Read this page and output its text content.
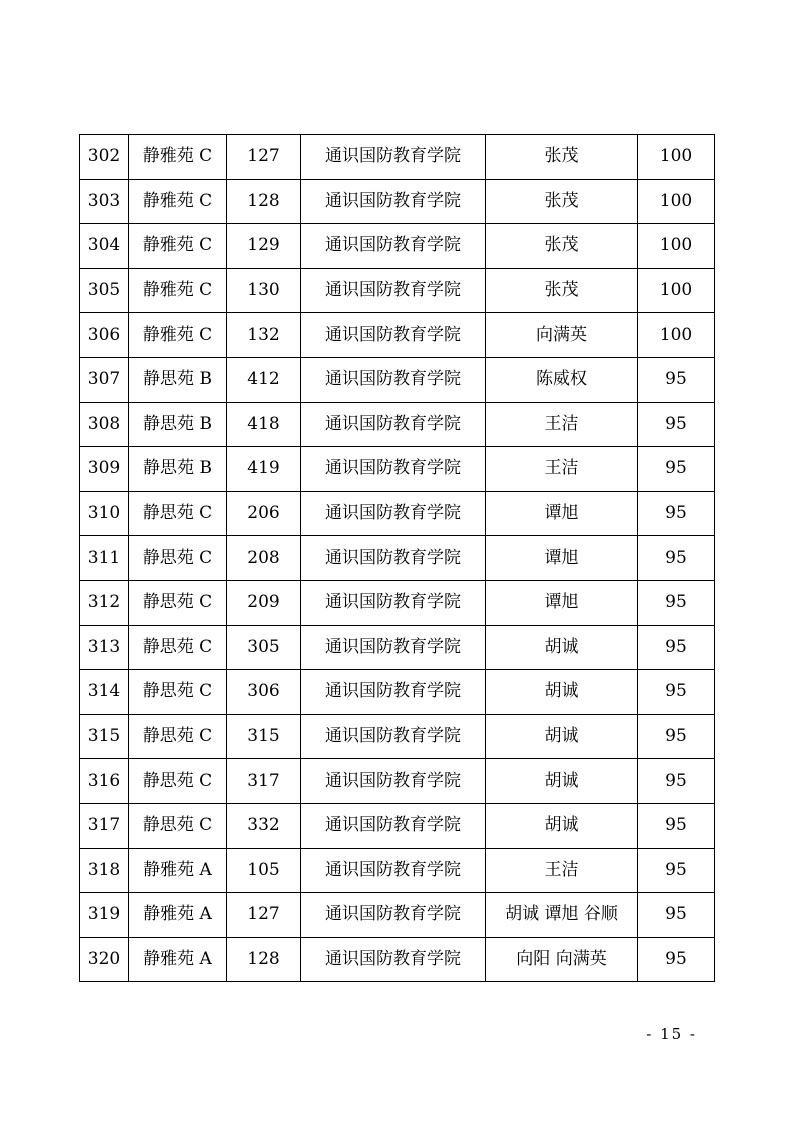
302	静雅苑 C	127	通识国防教育学院	张茂	100
303	静雅苑 C	128	通识国防教育学院	张茂	100
304	静雅苑 C	129	通识国防教育学院	张茂	100
305	静雅苑 C	130	通识国防教育学院	张茂	100
306	静雅苑 C	132	通识国防教育学院	向满英	100
307	静思苑 B	412	通识国防教育学院	陈威权	95
308	静思苑 B	418	通识国防教育学院	王洁	95
309	静思苑 B	419	通识国防教育学院	王洁	95
310	静思苑 C	206	通识国防教育学院	谭旭	95
311	静思苑 C	208	通识国防教育学院	谭旭	95
312	静思苑 C	209	通识国防教育学院	谭旭	95
313	静思苑 C	305	通识国防教育学院	胡诚	95
314	静思苑 C	306	通识国防教育学院	胡诚	95
315	静思苑 C	315	通识国防教育学院	胡诚	95
316	静思苑 C	317	通识国防教育学院	胡诚	95
317	静思苑 C	332	通识国防教育学院	胡诚	95
318	静雅苑 A	105	通识国防教育学院	王洁	95
319	静雅苑 A	127	通识国防教育学院	胡诚 谭旭 谷顺	95
320	静雅苑 A	128	通识国防教育学院	向阳 向满英	95
- 15 -
